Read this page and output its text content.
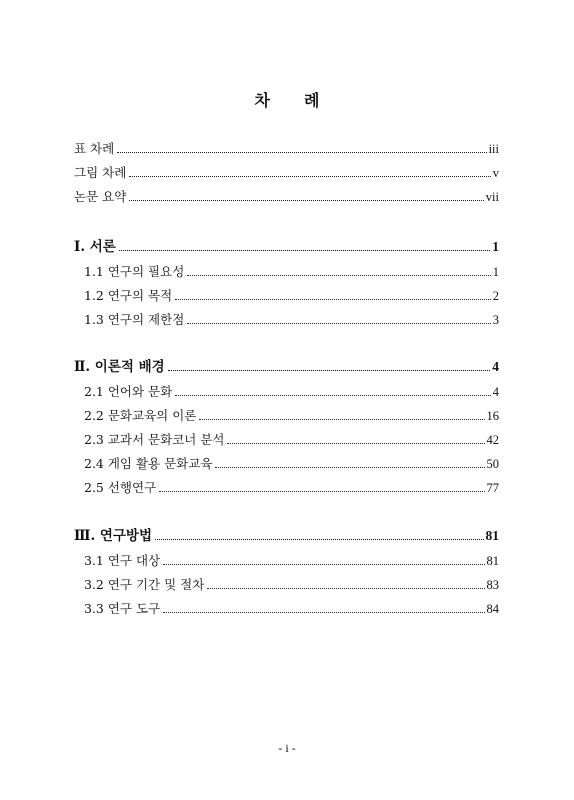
차 례
표 차례	iii
그림 차례	v
논문 요약	vii
Ⅰ. 서론	1
1.1 연구의 필요성	1
1.2 연구의 목적	2
1.3 연구의 제한점	3
Ⅱ. 이론적 배경	4
2.1 언어와 문화	4
2.2 문화교육의 이론	16
2.3 교과서 문화코너 분석	42
2.4 게임 활용 문화교육	50
2.5 선행연구	77
Ⅲ. 연구방법	81
3.1 연구 대상	81
3.2 연구 기간 및 절차	83
3.3 연구 도구	84
- i -
